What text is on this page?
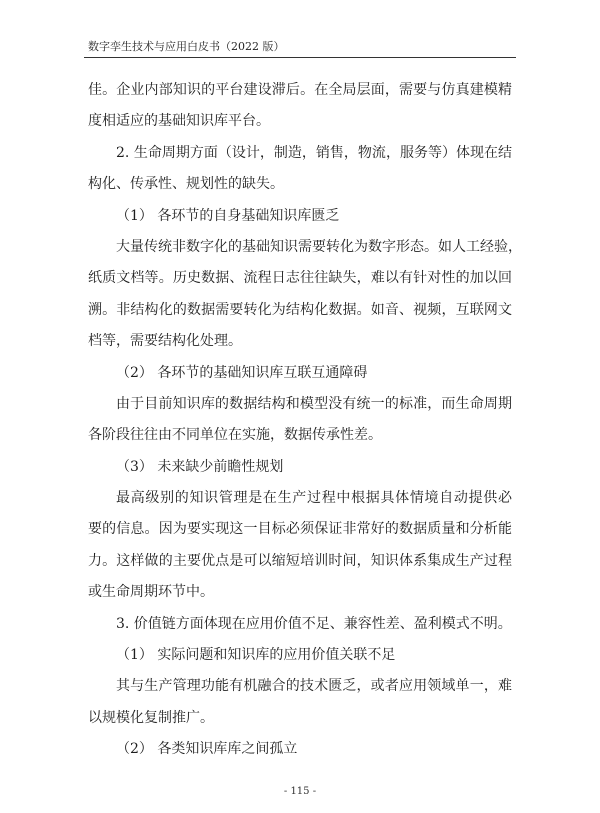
数字孪生技术与应用白皮书（2022 版）
佳。企业内部知识的平台建设滞后。在全局层面，需要与仿真建模精
度相适应的基础知识库平台。
2. 生命周期方面（设计，制造，销售，物流，服务等）体现在结
构化、传承性、规划性的缺失。
（1） 各环节的自身基础知识库匮乏
大量传统非数字化的基础知识需要转化为数字形态。如人工经验，
纸质文档等。历史数据、流程日志往往缺失，难以有针对性的加以回
溯。非结构化的数据需要转化为结构化数据。如音、视频，互联网文
档等，需要结构化处理。
（2） 各环节的基础知识库互联互通障碍
由于目前知识库的数据结构和模型没有统一的标准，而生命周期
各阶段往往由不同单位在实施，数据传承性差。
（3） 未来缺少前瞻性规划
最高级别的知识管理是在生产过程中根据具体情境自动提供必
要的信息。因为要实现这一目标必须保证非常好的数据质量和分析能
力。这样做的主要优点是可以缩短培训时间，知识体系集成生产过程
或生命周期环节中。
3. 价值链方面体现在应用价值不足、兼容性差、盈利模式不明。
（1） 实际问题和知识库的应用价值关联不足
其与生产管理功能有机融合的技术匮乏，或者应用领域单一，难
以规模化复制推广。
（2） 各类知识库库之间孤立
- 115 -
